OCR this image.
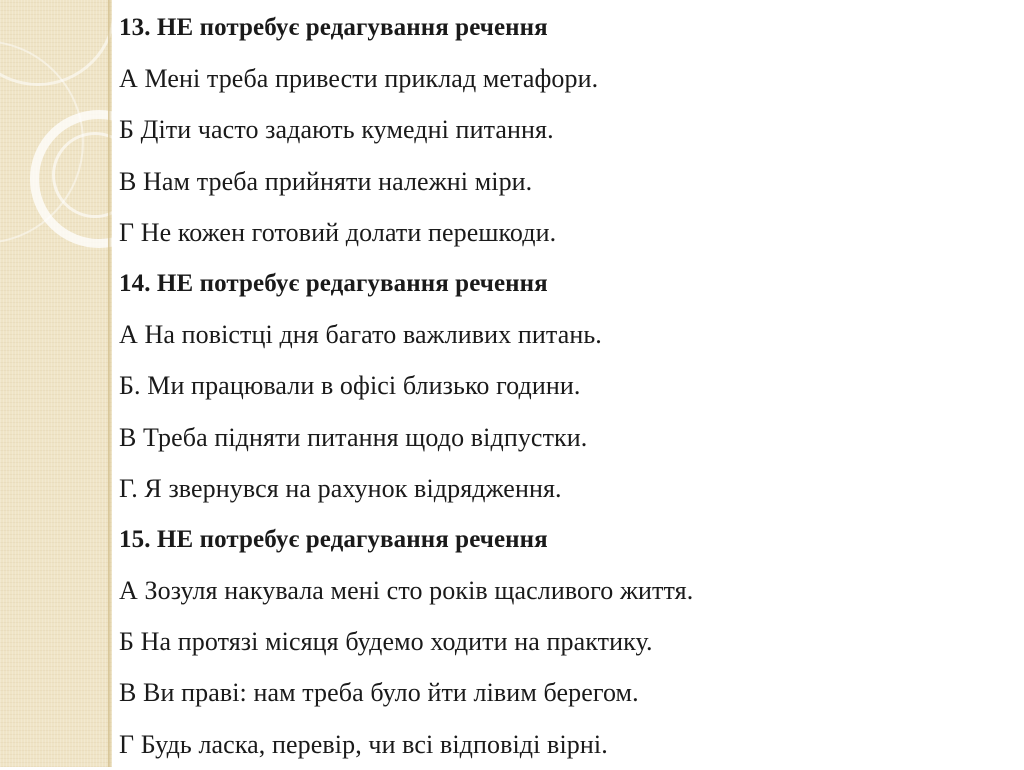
13. НЕ потребує редагування речення
А Мені треба привести приклад метафори.
Б Діти часто задають кумедні питання.
В Нам треба прийняти належні міри.
Г Не кожен готовий долати перешкоди.
14. НЕ потребує редагування речення
А На повістці дня багато важливих питань.
Б. Ми працювали в офісі близько години.
В Треба підняти питання щодо відпустки.
Г. Я звернувся на рахунок відрядження.
15. НЕ потребує редагування речення
А Зозуля накувала мені сто років щасливого життя.
Б На протязі місяця будемо ходити на практику.
В Ви праві: нам треба було йти лівим берегом.
Г Будь ласка, перевір, чи всі відповіді вірні.
